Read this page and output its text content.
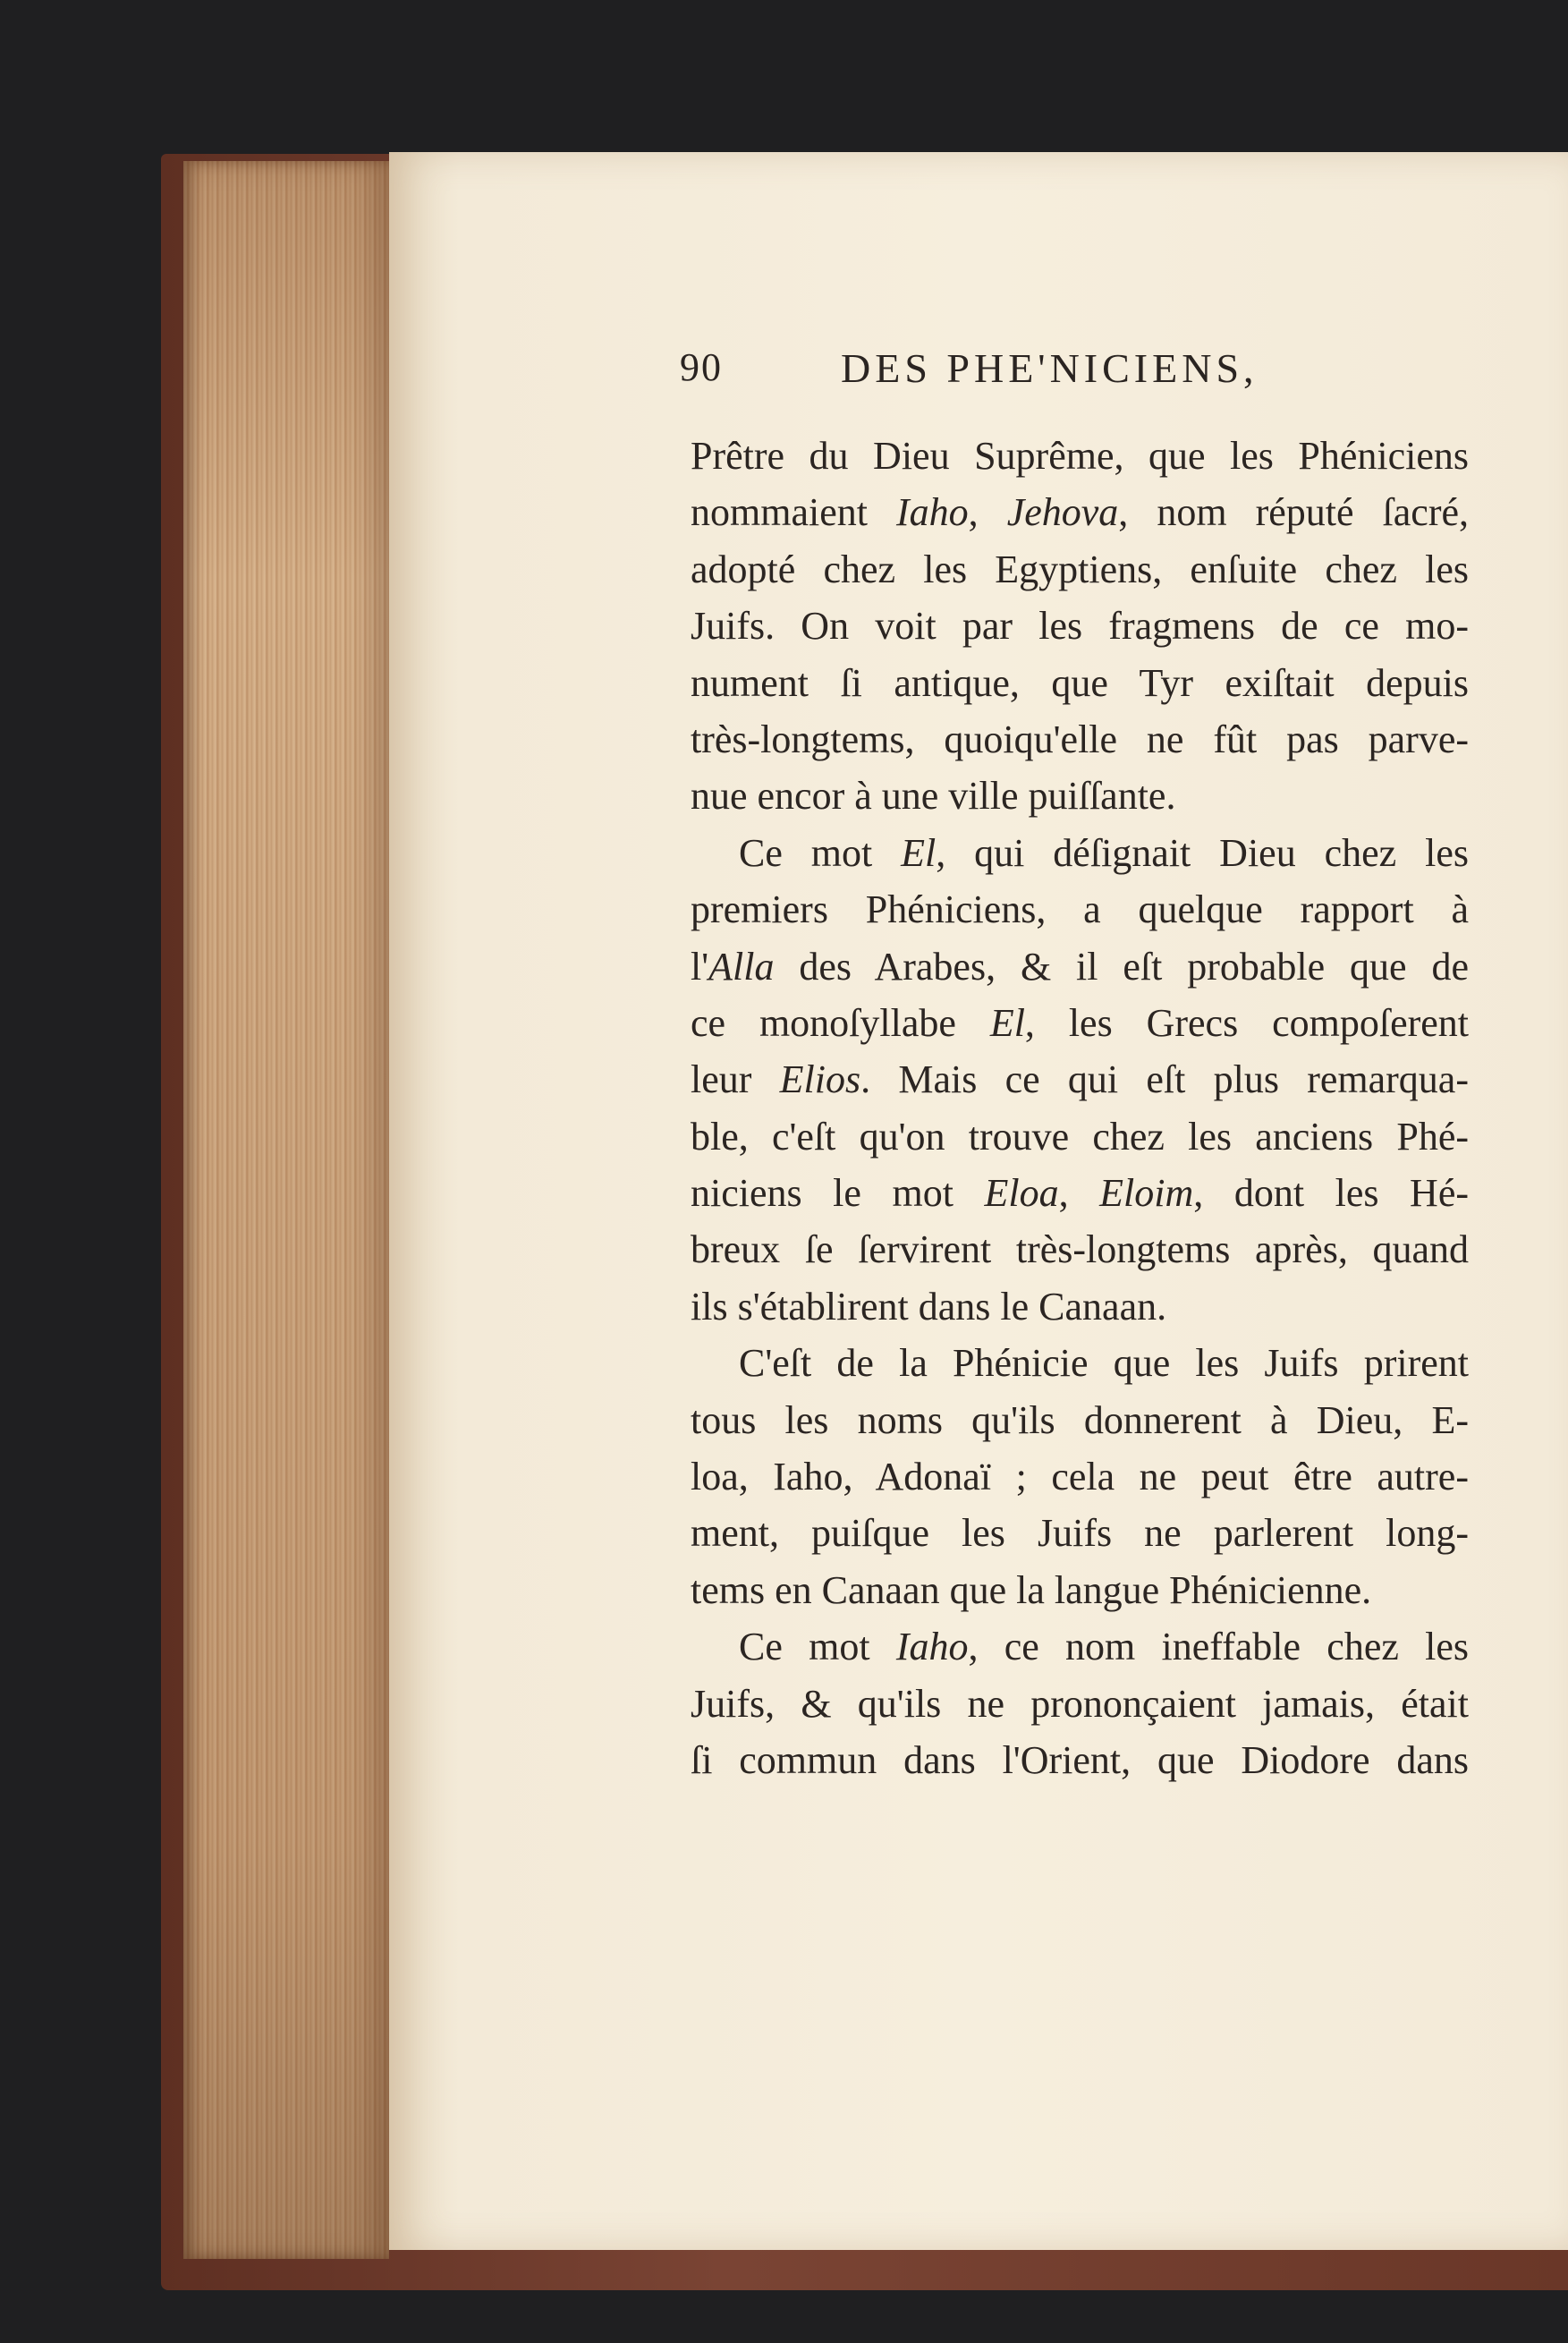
90	DES PHE'NICIENS,
Prêtre du Dieu Suprême, que les Phéniciens
nommaient Iaho, Jehova, nom réputé ſacré,
adopté chez les Egyptiens, enſuite chez les
Juifs. On voit par les fragmens de ce mo-
nument ſi antique, que Tyr exiſtait depuis
très-longtems, quoiqu'elle ne fût pas parve-
nue encor à une ville puiſſante.
Ce mot El, qui déſignait Dieu chez les
premiers Phéniciens, a quelque rapport à
l'Alla des Arabes, & il eſt probable que de
ce monoſyllabe El, les Grecs compoſerent
leur Elios. Mais ce qui eſt plus remarqua-
ble, c'eſt qu'on trouve chez les anciens Phé-
niciens le mot Eloa, Eloim, dont les Hé-
breux ſe ſervirent très-longtems après, quand
ils s'établirent dans le Canaan.
C'eſt de la Phénicie que les Juifs prirent
tous les noms qu'ils donnerent à Dieu, E-
loa, Iaho, Adonaï ; cela ne peut être autre-
ment, puiſque les Juifs ne parlerent long-
tems en Canaan que la langue Phénicienne.
Ce mot Iaho, ce nom ineffable chez les
Juifs, & qu'ils ne prononçaient jamais, était
ſi commun dans l'Orient, que Diodore dans
